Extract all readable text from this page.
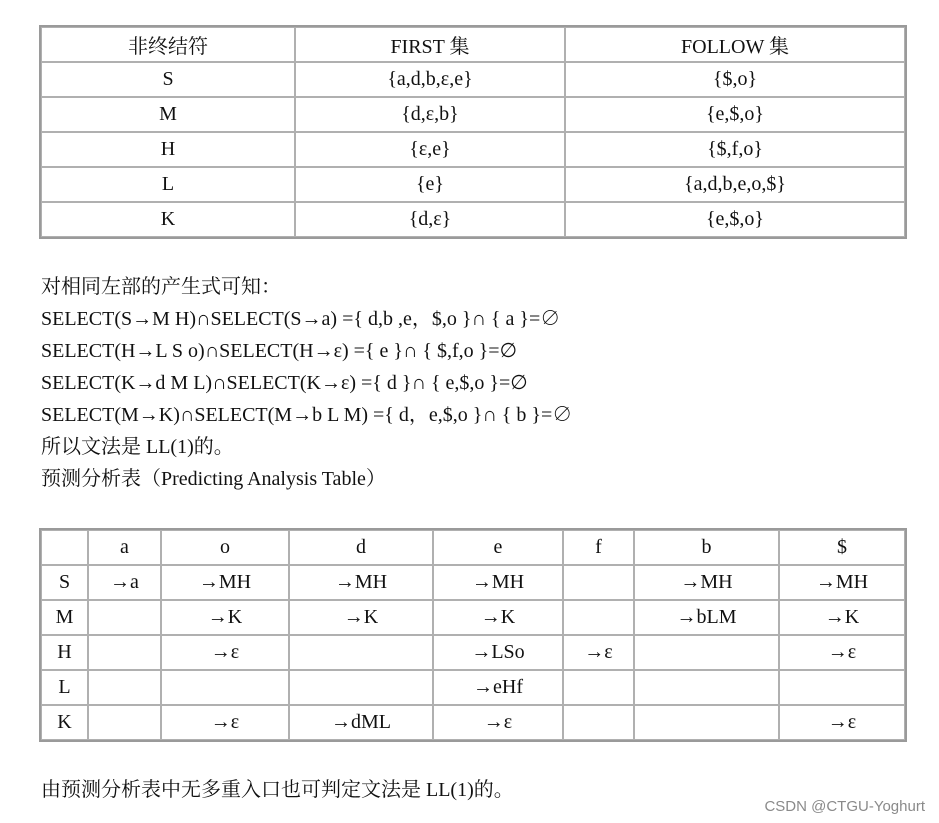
非终结符	FIRST 集	FOLLOW 集
S	{a,d,b,ε,e}	{$,o}
M	{d,ε,b}	{e,$,o}
H	{ε,e}	{$,f,o}
L	{e}	{a,d,b,e,o,$}
K	{d,ε}	{e,$,o}
对相同左部的产生式可知：
SELECT(S→M H)∩SELECT(S→a) ={ d,b ,e，$,o }∩ { a }=∅
SELECT(H→L S o)∩SELECT(H→ε) ={ e }∩ { $,f,o }=∅
SELECT(K→d M L)∩SELECT(K→ε) ={ d }∩ { e,$,o }=∅
SELECT(M→K)∩SELECT(M→b L M) ={ d，e,$,o }∩ { b }=∅
所以文法是 LL(1)的。
预测分析表（Predicting Analysis Table）
	a	o	d	e	f	b	$
S	→a	→MH	→MH	→MH		→MH	→MH
M		→K	→K	→K		→bLM	→K
H		→ε		→LSo	→ε		→ε
L				→eHf			
K		→ε	→dML	→ε			→ε
由预测分析表中无多重入口也可判定文法是 LL(1)的。
CSDN @CTGU-Yoghurt
